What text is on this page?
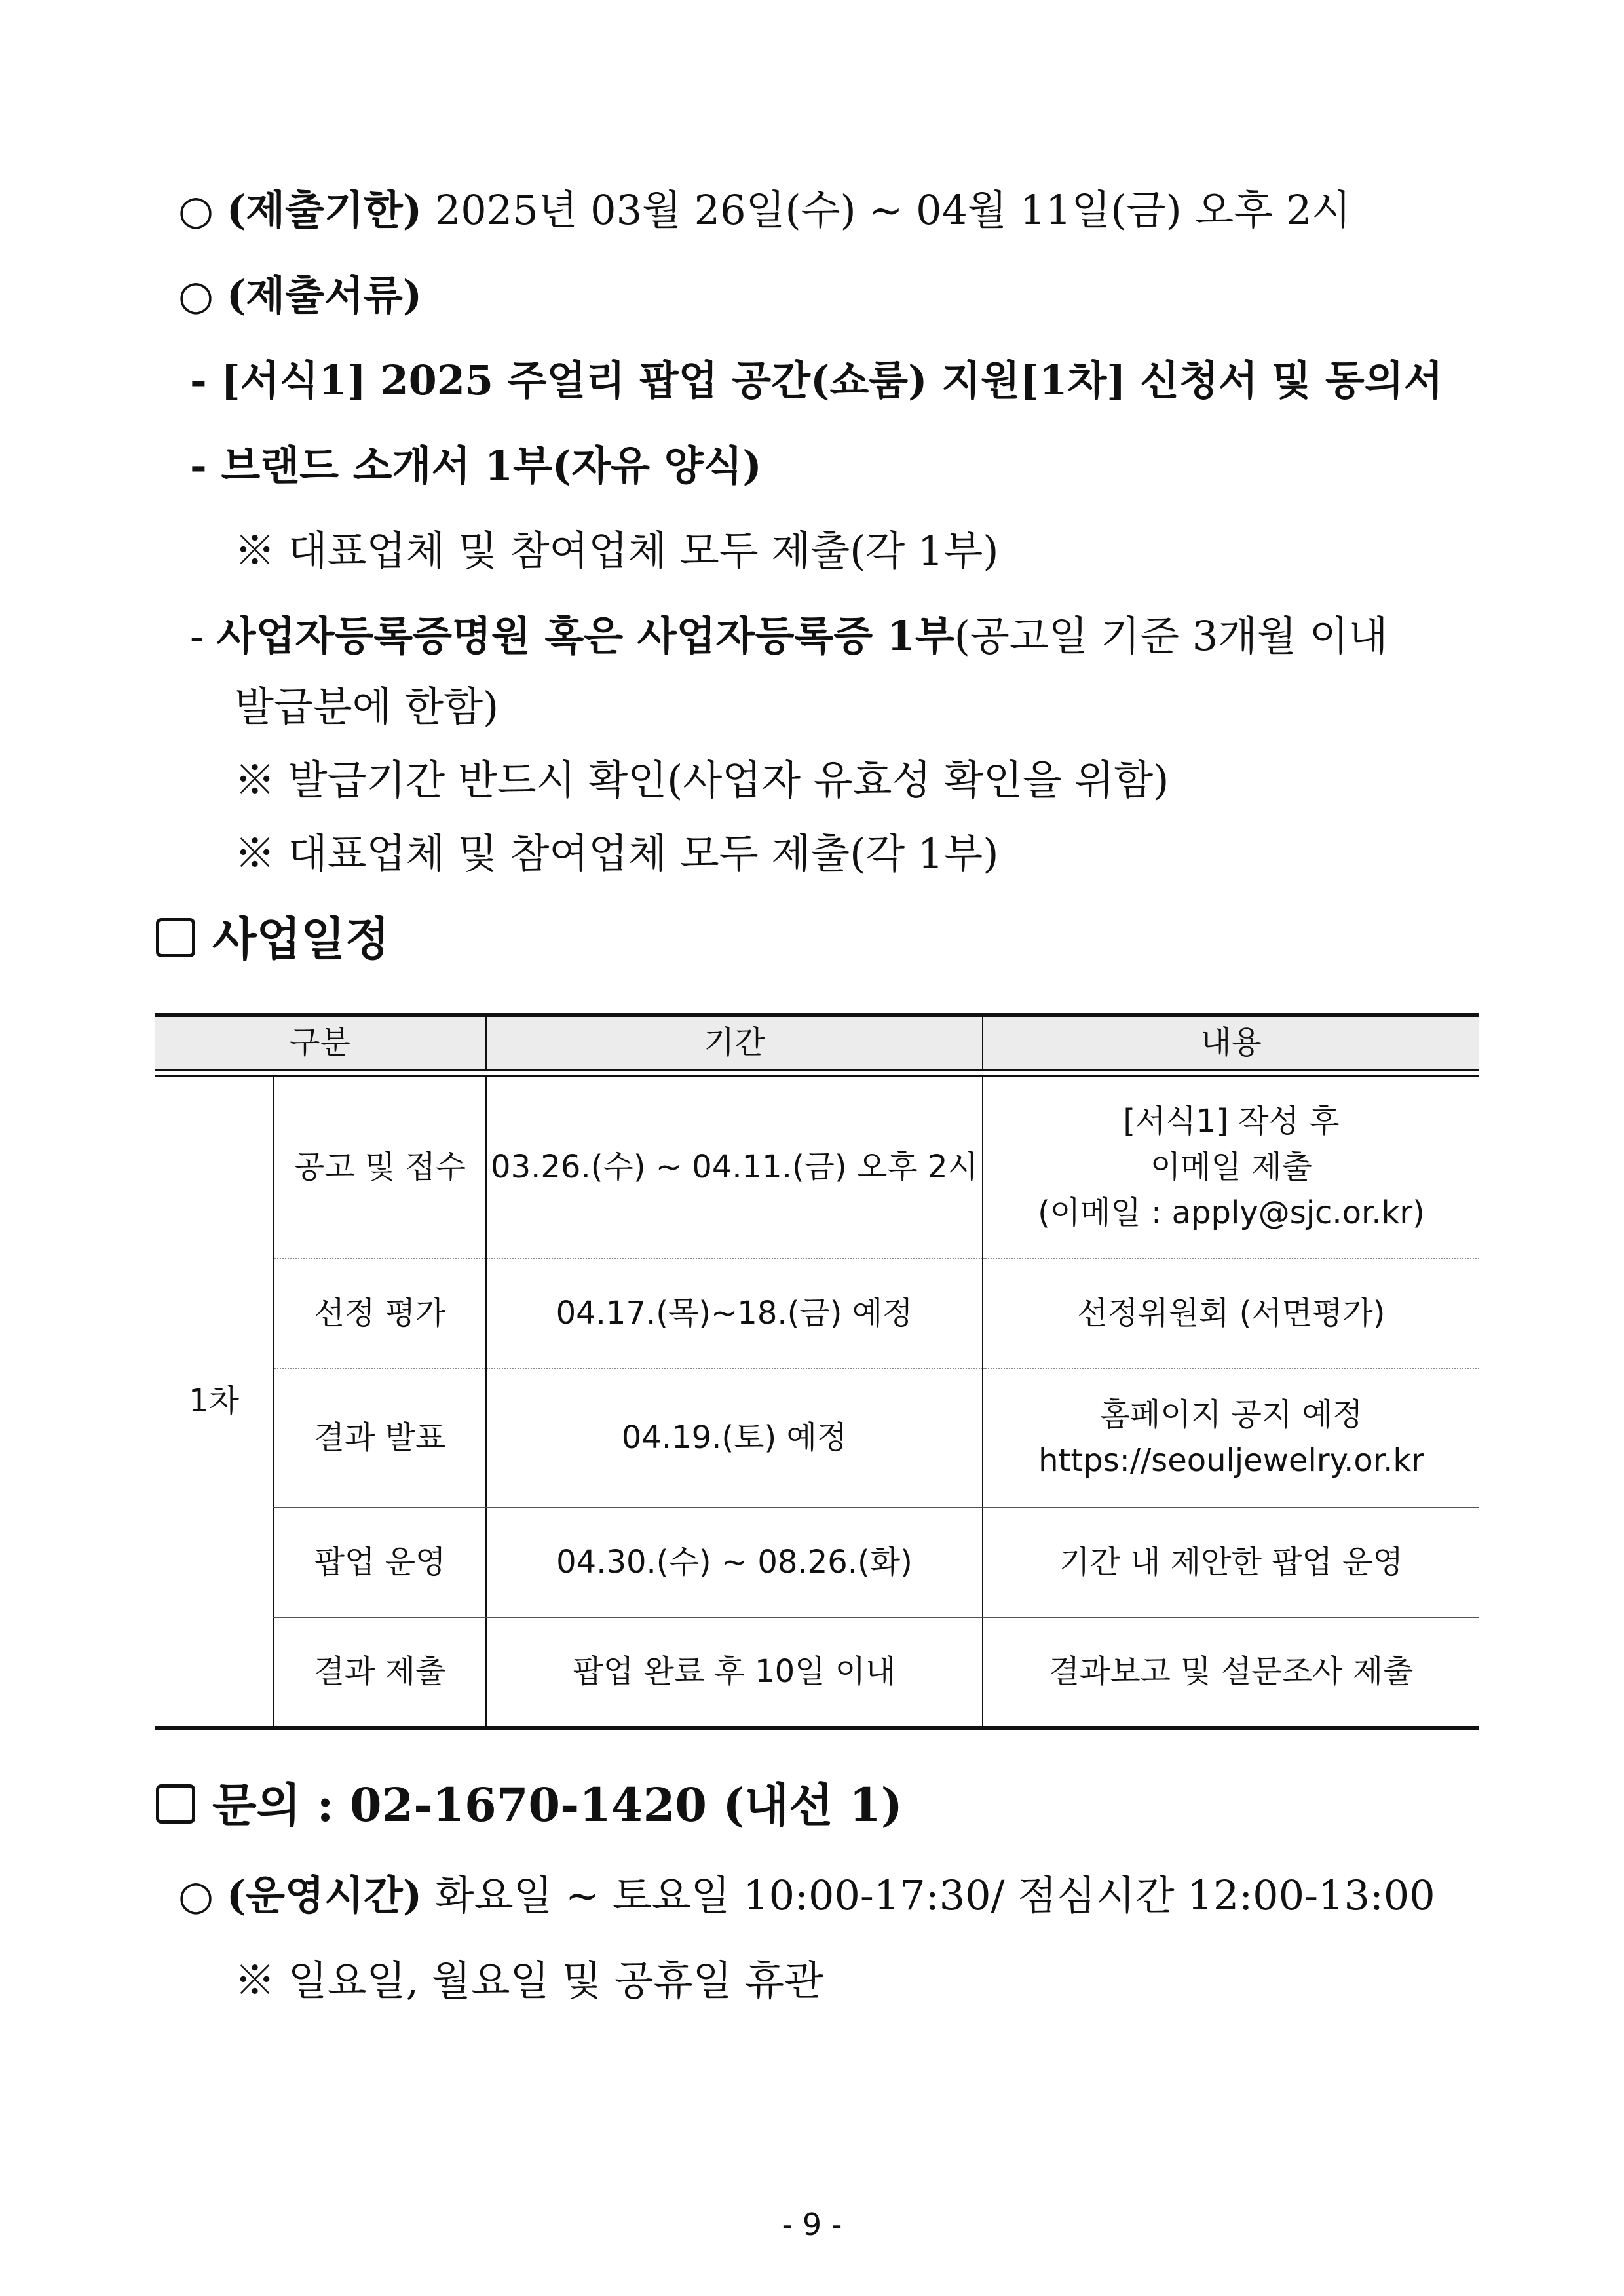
○ (제출기한) 2025년 03월 26일(수) ~ 04월 11일(금) 오후 2시
○ (제출서류)
- [서식1] 2025 주얼리 팝업 공간(쇼룸) 지원[1차] 신청서 및 동의서
- 브랜드 소개서 1부(자유 양식)
※ 대표업체 및 참여업체 모두 제출(각 1부)
- 사업자등록증명원 혹은 사업자등록증 1부(공고일 기준 3개월 이내
발급분에 한함)
※ 발급기간 반드시 확인(사업자 유효성 확인을 위함)
※ 대표업체 및 참여업체 모두 제출(각 1부)
사업일정
구분		기간	내용

1차	공고 및 접수	03.26.(수) ~ 04.11.(금) 오후 2시	[서식1] 작성 후
이메일 제출
(이메일 : apply@sjc.or.kr)

	선정 평가	04.17.(목)~18.(금) 예정	선정위원회 (서면평가)
	결과 발표	04.19.(토) 예정	홈페이지 공지 예정
https://seouljewelry.or.kr

	팝업 운영	04.30.(수) ~ 08.26.(화)	기간 내 제안한 팝업 운영
	결과 제출	팝업 완료 후 10일 이내	결과보고 및 설문조사 제출
문의 : 02-1670-1420 (내선 1)
○ (운영시간) 화요일 ~ 토요일 10:00-17:30/ 점심시간 12:00-13:00
※ 일요일, 월요일 및 공휴일 휴관
- 9 -
